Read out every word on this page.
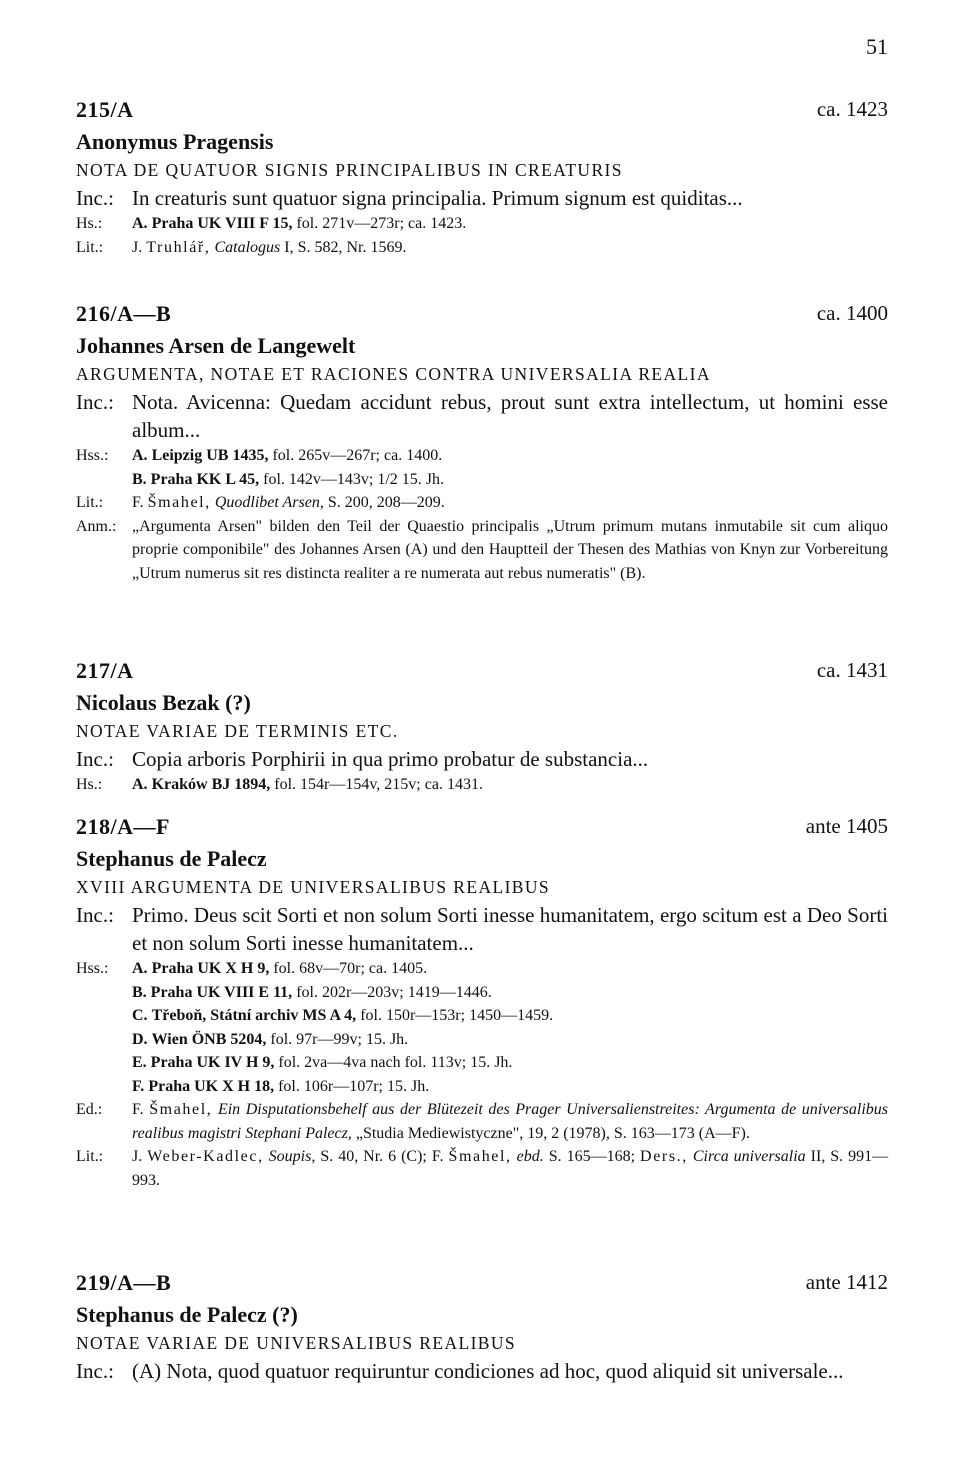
51
215/A	ca. 1423
Anonymus Pragensis
NOTA DE QUATUOR SIGNIS PRINCIPALIBUS IN CREATURIS
Inc.: In creaturis sunt quatuor signa principalia. Primum signum est quiditas...
Hs.:	A. Praha UK VIII F 15, fol. 271v—273r; ca. 1423.
Lit.:	J. Truhlář, Catalogus I, S. 582, Nr. 1569.
216/A—B	ca. 1400
Johannes Arsen de Langewelt
ARGUMENTA, NOTAE ET RACIONES CONTRA UNIVERSALIA REALIA
Inc.: Nota. Avicenna: Quedam accidunt rebus, prout sunt extra intellectum, ut homini esse album...
Hss.:	A. Leipzig UB 1435, fol. 265v—267r; ca. 1400.
B. Praha KK L 45, fol. 142v—143v; 1/2 15. Jh.
Lit.:	F. Šmahel, Quodlibet Arsen, S. 200, 208—209.
Anm.: „Argumenta Arsen" bilden den Teil der Quaestio principalis „Utrum primum mutans inmutabile sit cum aliquo proprie componibile" des Johannes Arsen (A) und den Hauptteil der Thesen des Mathias von Knyn zur Vorbereitung „Utrum numerus sit res distincta realiter a re numerata aut rebus numeratis" (B).
217/A	ca. 1431
Nicolaus Bezak (?)
NOTAE VARIAE DE TERMINIS ETC.
Inc.: Copia arboris Porphirii in qua primo probatur de substancia...
Hs.:	A. Kraków BJ 1894, fol. 154r—154v, 215v; ca. 1431.
218/A—F	ante 1405
Stephanus de Palecz
XVIII ARGUMENTA DE UNIVERSALIBUS REALIBUS
Inc.: Primo. Deus scit Sorti et non solum Sorti inesse humanitatem, ergo scitum est a Deo Sorti et non solum Sorti inesse humanitatem...
Hss.:	A. Praha UK X H 9, fol. 68v—70r; ca. 1405.
B. Praha UK VIII E 11, fol. 202r—203v; 1419—1446.
C. Třeboň, Státní archiv MS A 4, fol. 150r—153r; 1450—1459.
D. Wien ÖNB 5204, fol. 97r—99v; 15. Jh.
E. Praha UK IV H 9, fol. 2va—4va nach fol. 113v; 15. Jh.
F. Praha UK X H 18, fol. 106r—107r; 15. Jh.
Ed.:	F. Šmahel, Ein Disputationsbehelf aus der Blütezeit des Prager Universalienstreites: Argumenta de universalibus realibus magistri Stephani Palecz, „Studia Mediewistyczne", 19, 2 (1978), S. 163—173 (A—F).
Lit.:	J. Weber-Kadlec, Soupis, S. 40, Nr. 6 (C); F. Šmahel, ebd. S. 165—168; Ders., Circa universalia II, S. 991—993.
219/A—B	ante 1412
Stephanus de Palecz (?)
NOTAE VARIAE DE UNIVERSALIBUS REALIBUS
Inc.: (A) Nota, quod quatuor requiruntur condiciones ad hoc, quod aliquid sit universale...
